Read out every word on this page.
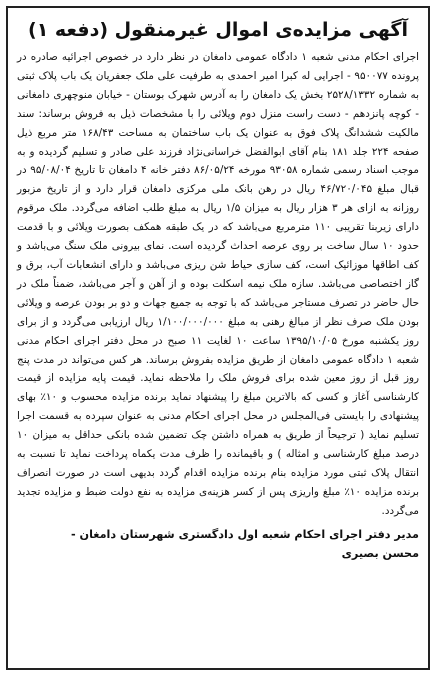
آگهی مزایده‌ی اموال غیرمنقول (دفعه ۱)

اجرای احکام مدنی شعبه ۱ دادگاه عمومی دامغان در نظر دارد در خصوص اجرائیه صادره در پرونده ۹۵۰۰۷۷ - اجرایی له کبرا امیر احمدی به طرفیت علی ملک جعفریان یک باب پلاک ثبتی به شماره ۲۵۲۸/۱۳۳۲ بخش یک دامغان را به آدرس شهرک بوستان - خیابان منوچهری دامغانی - کوچه پانزدهم - دست راست منزل دوم ویلائی را با مشخصات ذیل به فروش برساند: سند مالکیت ششدانگ پلاک فوق به عنوان یک باب ساختمان به مساحت ۱۶۸/۴۳ متر مربع ذیل صفحه ۲۲۴ جلد ۱۸۱ بنام آقای ابوالفضل خراسانی‌نژاد فرزند علی صادر و تسلیم گردیده و به موجب اسناد رسمی شماره ۹۳۰۵۸ مورخه ۸۶/۰۵/۲۴ دفتر خانه ۴ دامغان تا تاریخ ۹۵/۰۸/۰۴ در قبال مبلغ ۴۶/۷۲۰/۰۴۵ ریال در رهن بانک ملی مرکزی دامغان قرار دارد و از تاریخ مزبور روزانه به ازای هر ۳ هزار ریال به میزان ۱/۵ ریال به مبلغ طلب اضافه می‌گردد. ملک مرقوم دارای زیربنا تقریبی ۱۱۰ مترمربع می‌باشد که در یک طبقه همکف بصورت ویلائی و با قدمت حدود ۱۰ سال ساخت بر روی عرصه احداث گردیده است. نمای بیرونی ملک سنگ می‌باشد و کف اطاقها موزائیک است، کف سازی حیاط شن ریزی می‌باشد و دارای انشعابات آب، برق و گاز اختصاصی می‌باشد. سازه ملک نیمه اسکلت بوده و از آهن و آجر می‌باشد، ضمناً ملک در حال حاضر در تصرف مستاجر می‌باشد که با توجه به جمیع جهات و دو بر بودن عرصه و ویلائی بودن ملک صرف نظر از مبالغ رهنی به مبلغ ۱/۱۰۰/۰۰۰/۰۰۰ ریال ارزیابی می‌گردد و از برای روز یکشنبه مورخ ۱۳۹۵/۱۰/۰۵ ساعت ۱۰ لغایت ۱۱ صبح در محل دفتر اجرای احکام مدنی شعبه ۱ دادگاه عمومی دامغان از طریق مزایده بفروش برساند. هر کس می‌تواند در مدت پنج روز قبل از روز معین شده برای فروش ملک را ملاحظه نماید. قیمت پایه مزایده از قیمت کارشناسی آغاز و کسی که بالاترین مبلغ را پیشنهاد نماید برنده مزایده محسوب و ۱۰٪ بهای پیشنهادی را بایستی فی‌المجلس در محل اجرای احکام مدنی به عنوان سپرده به قسمت اجرا تسلیم نماید ( ترجیحاً از طریق به همراه داشتن چک تضمین شده بانکی حداقل به میزان ۱۰ درصد مبلغ کارشناسی و امثاله ) و باقیمانده را ظرف مدت یکماه پرداخت نماید تا نسبت به انتقال پلاک ثبتی مورد مزایده بنام برنده مزایده اقدام گردد بدیهی است در صورت انصراف برنده مزایده ۱۰٪ مبلغ واریزی پس از کسر هزینه‌ی مزایده به نفع دولت ضبط و مزایده تجدید می‌گردد.

مدیر دفتر اجرای احکام شعبه اول دادگستری شهرستان دامغان -
محسن بصیری
